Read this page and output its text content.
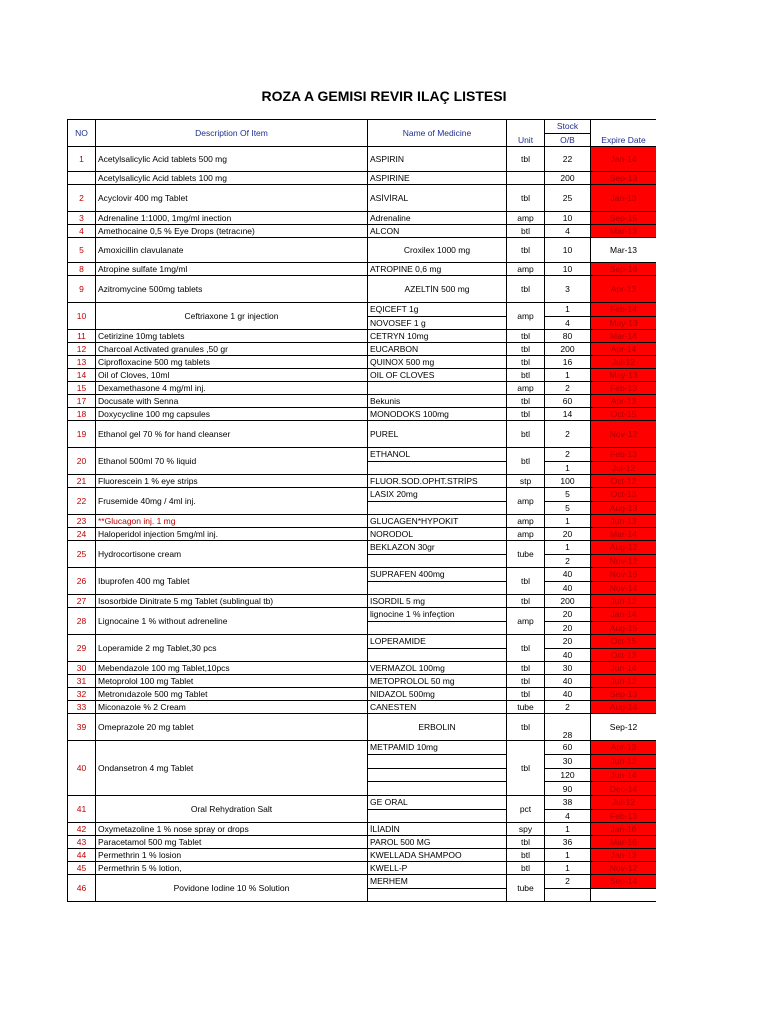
ROZA A GEMISI REVIR ILAÇ LISTESI
NO	Description Of Item	Name of Medicine	Unit	Stock	Expire Date
				O/B	
1	Acetylsalicylic Acid tablets 500 mg	ASPIRIN	tbl	22	Jan-14
	Acetylsalicylic Acid tablets 100 mg	ASPIRINE		200	Sep-13
2	Acyclovir 400 mg Tablet	ASİVİRAL	tbl	25	Jan-13
3	Adrenaline 1:1000, 1mg/ml inection	Adrenaline	amp	10	Sep-15
4	Amethocaine 0,5 % Eye Drops (tetracıne)	ALCON	btl	4	Mar-13
5	Amoxicillin clavulanate	Croxilex 1000 mg	tbl	10	Mar-13
8	Atropine sulfate 1mg/ml	ATROPINE 0,6 mg	amp	10	Sep-16
9	Azitromycine 500mg tablets	AZELTİN 500 mg	tbl	3	Apr-13
10	Ceftriaxone 1 gr injection	EQICEFT 1g	amp	1	Feb-14
		NOVOSEF 1 g		4	May-13
11	Cetirizine 10mg tablets	CETRYN 10mg	tbl	80	Mar-14
12	Charcoal Activated granules ,50 gr	EUCARBON	tbl	200	Apr-14
13	Ciprofloxacine 500 mg tablets	QUINOX 500 mg	tbl	16	Jul-12
14	Oil of Cloves, 10ml	OIL OF CLOVES	btl	1	May-13
15	Dexamethasone 4 mg/ml inj.		amp	2	Feb-13
17	Docusate with Senna	Bekunis	tbl	60	Apr-13
18	Doxycycline 100 mg capsules	MONODOKS 100mg	tbl	14	Oct-15
19	Ethanol gel 70 % for hand cleanser	PUREL	btl	2	Nov-12
20	Ethanol 500ml 70 % liquid	ETHANOL	btl	2	Feb-13
				1	Jul-12
21	Fluorescein 1 % eye strips	FLUOR.SOD.OPHT.STRİPS	stp	100	Oct-12
22	Frusemide 40mg / 4ml inj.	LASIX 20mg	amp	5	Oct-13
				5	Aug-13
23	**Glucagon inj. 1 mg	GLUCAGEN*HYPOKIT	amp	1	Jun-13
24	Haloperidol injection 5mg/ml inj.	NORODOL	amp	20	Mar-14
25	Hydrocortisone cream	BEKLAZON 30gr	tube	1	Aug-12
				2	Nov-12
26	Ibuprofen 400 mg Tablet	SUPRAFEN 400mg	tbl	40	Nov-16
				40	Nov-14
27	Isosorbide Dinitrate 5 mg Tablet (sublingual tb)	ISORDIL 5 mg	tbl	200	Jun-12
28	Lignocaine 1 % without adreneline	lignocine 1 % infeçtion	amp	20	Jan-14
				20	Aug-15
29	Loperamide 2 mg Tablet,30 pcs	LOPERAMIDE	tbl	20	Oct-15
				40	Oct-13
30	Mebendazole 100 mg Tablet,10pcs	VERMAZOL 100mg	tbl	30	Jun-14
31	Metoprolol 100 mg Tablet	METOPROLOL 50 mg	tbl	40	Jun-12
32	Metronıdazole 500 mg Tablet	NIDAZOL 500mg	tbl	40	Sep-13
33	Miconazole % 2 Cream	CANESTEN	tube	2	Aug-14
39	Omeprazole 20 mg tablet	ERBOLIN	tbl	28	Sep-12
40	Ondansetron 4 mg Tablet	METPAMID 10mg	tbl	60	Apr-13
				30	Jun-12
				120	Jun-14
				90	Dec-14
41	Oral Rehydration Salt	GE ORAL	pct	38	Jul-12
				4	Feb-13
42	Oxymetazoline 1 % nose spray or drops	İLİADİN	spy	1	Jan-16
43	Paracetamol 500 mg Tablet	PAROL 500 MG	tbl	36	Mar-16
44	Permethrin 1 % losion	KWELLADA SHAMPOO	btl	1	Jan-13
45	Permethrin 5 % lotion,	KWELL-P	btl	1	Nov-12
46	Povidone Iodine 10 % Solution	MERHEM	tube	2	Sep-14
